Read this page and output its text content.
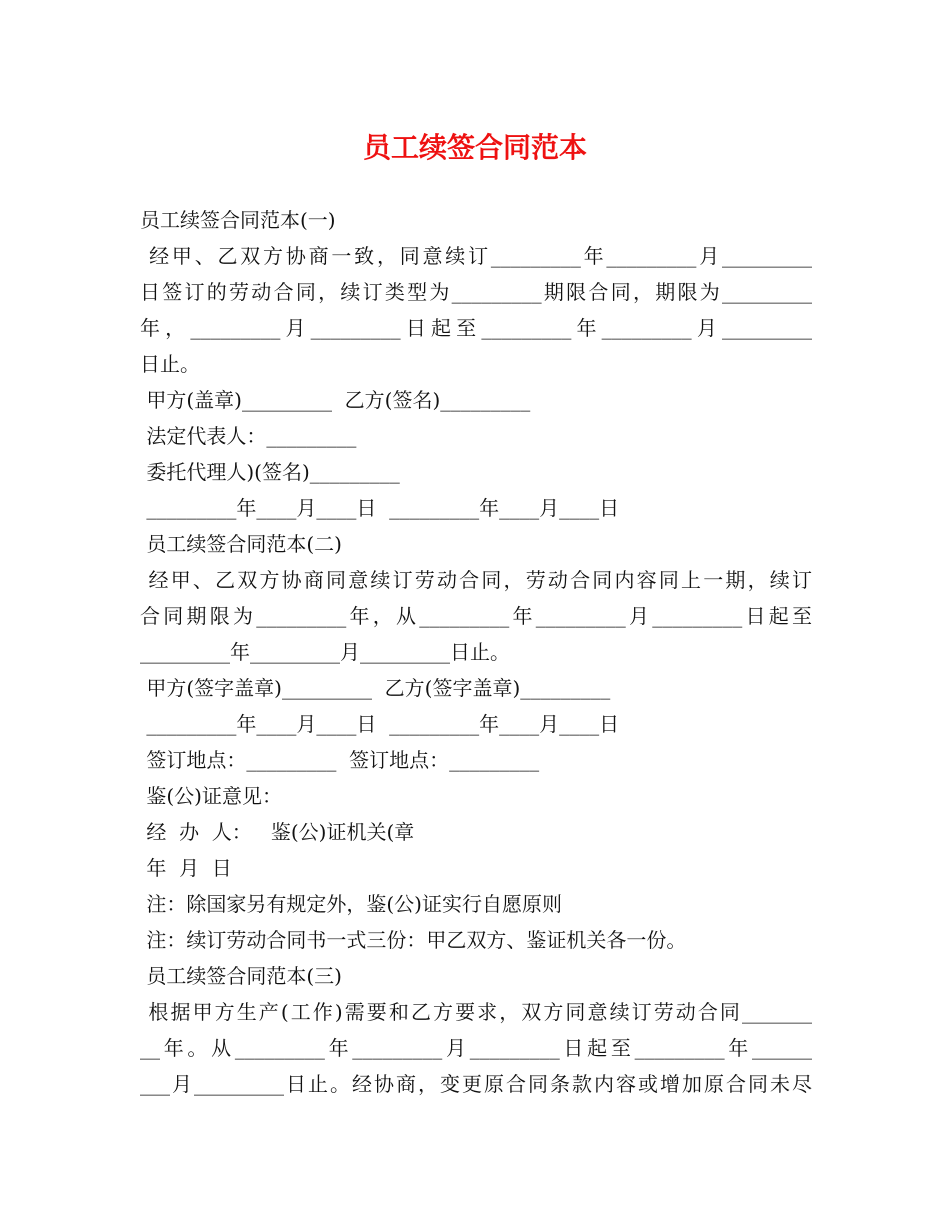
员工续签合同范本
员工续签合同范本(一)
经甲、乙双方协商一致，同意续订_________年_________月_________
日签订的劳动合同，续订类型为_________期限合同，期限为_________
年，_________月_________日起至_________年_________月_________
日止。
甲方(盖章)_________  乙方(签名)_________
法定代表人：_________
委托代理人)(签名)_________
_________年____月____日  _________年____月____日
员工续签合同范本(二)
经甲、乙双方协商同意续订劳动合同，劳动合同内容同上一期，续订
合同期限为_________年，从_________年_________月_________日起至
_________年_________月_________日止。
甲方(签字盖章)_________  乙方(签字盖章)_________
_________年____月____日  _________年____月____日
签订地点：_________  签订地点：_________
鉴(公)证意见：
经  办  人：   鉴(公)证机关(章
年  月  日
注：除国家另有规定外，鉴(公)证实行自愿原则
注：续订劳动合同书一式三份：甲乙双方、鉴证机关各一份。
员工续签合同范本(三)
根据甲方生产(工作)需要和乙方要求，双方同意续订劳动合同_______
__年。从_________年_________月_________日起至_________年______
___月_________日止。经协商，变更原合同条款内容或增加原合同未尽
